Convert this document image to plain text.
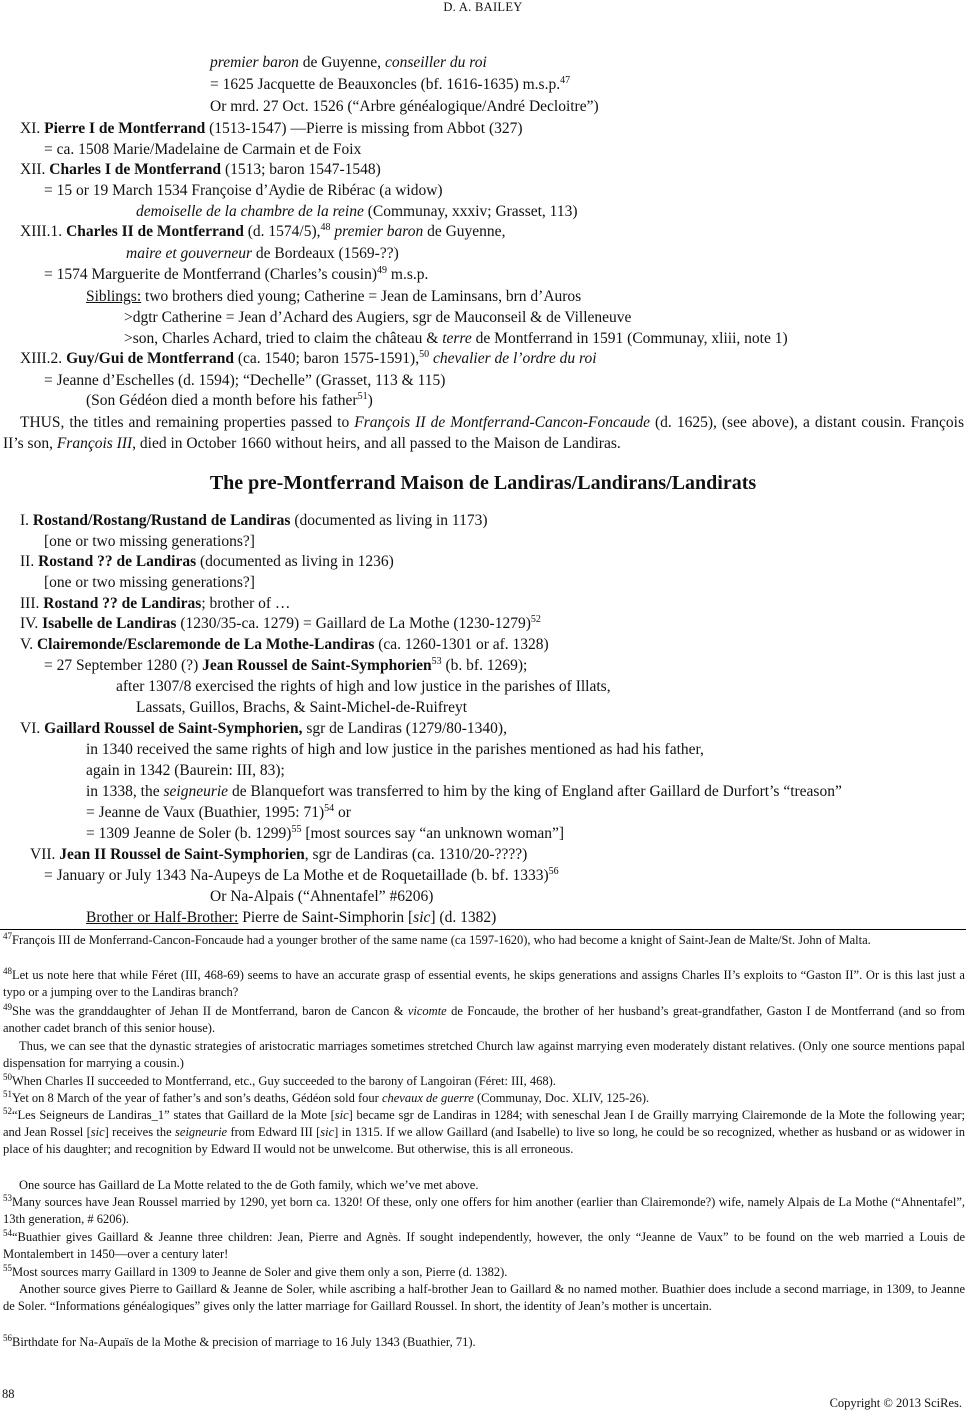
D. A. BAILEY
premier baron de Guyenne, conseiller du roi
= 1625 Jacquette de Beauxoncles (bf. 1616-1635) m.s.p.$^{47}$
Or mrd. 27 Oct. 1526 (“Arbre généalogique/André Decloitre”)
XI. Pierre I de Montferrand (1513-1547) —Pierre is missing from Abbot (327)
= ca. 1508 Marie/Madelaine de Carmain et de Foix
XII. Charles I de Montferrand (1513; baron 1547-1548)
= 15 or 19 March 1534 Françoise d’Aydie de Ribérac (a widow)
demoiselle de la chambre de la reine (Communay, xxxiv; Grasset, 113)
XIII.1. Charles II de Montferrand (d. 1574/5),$^{48}$ premier baron de Guyenne,
maire et gouverneur de Bordeaux (1569-??)
= 1574 Marguerite de Montferrand (Charles’s cousin)$^{49}$ m.s.p.
Siblings: two brothers died young; Catherine = Jean de Laminsans, brn d’Auros
>dgtr Catherine = Jean d’Achard des Augiers, sgr de Mauconseil & de Villeneuve
>son, Charles Achard, tried to claim the château & terre de Montferrand in 1591 (Communay, xliii, note 1)
XIII.2. Guy/Gui de Montferrand (ca. 1540; baron 1575-1591),$^{50}$ chevalier de l’ordre du roi
= Jeanne d’Eschelles (d. 1594); “Dechelle” (Grasset, 113 & 115)
(Son Gédéon died a month before his father$^{51}$)
THUS, the titles and remaining properties passed to François II de Montferrand-Cancon-Foncaude (d. 1625), (see above), a distant cousin. François II’s son, François III, died in October 1660 without heirs, and all passed to the Maison de Landiras.
The pre-Montferrand Maison de Landiras/Landirans/Landirats
I. Rostand/Rostang/Rustand de Landiras (documented as living in 1173)
[one or two missing generations?]
II. Rostand ?? de Landiras (documented as living in 1236)
[one or two missing generations?]
III. Rostand ?? de Landiras; brother of …
IV. Isabelle de Landiras (1230/35-ca. 1279) = Gaillard de La Mothe (1230-1279)$^{52}$
V. Clairemonde/Esclaremonde de La Mothe-Landiras (ca. 1260-1301 or af. 1328)
= 27 September 1280 (?) Jean Roussel de Saint-Symphorien$^{53}$ (b. bf. 1269);
after 1307/8 exercised the rights of high and low justice in the parishes of Illats,
Lassats, Guillos, Brachs, & Saint-Michel-de-Ruifreyt
VI. Gaillard Roussel de Saint-Symphorien, sgr de Landiras (1279/80-1340),
in 1340 received the same rights of high and low justice in the parishes mentioned as had his father,
again in 1342 (Baurein: III, 83);
in 1338, the seigneurie de Blanquefort was transferred to him by the king of England after Gaillard de Durfort’s “treason”
= Jeanne de Vaux (Buathier, 1995: 71)$^{54}$ or
= 1309 Jeanne de Soler (b. 1299)$^{55}$ [most sources say “an unknown woman”]
VII. Jean II Roussel de Saint-Symphorien, sgr de Landiras (ca. 1310/20-????)
= January or July 1343 Na-Aupeys de La Mothe et de Roquetaillade (b. bf. 1333)$^{56}$
Or Na-Alpais (“Ahnentafel” #6206)
Brother or Half-Brother: Pierre de Saint-Simphorin [sic] (d. 1382)
$^{47}$François III de Monferrand-Cancon-Foncaude had a younger brother of the same name (ca 1597-1620), who had become a knight of Saint-Jean de Malte/St. John of Malta.
$^{48}$Let us note here that while Féret (III, 468-69) seems to have an accurate grasp of essential events, he skips generations and assigns Charles II’s exploits to “Gaston II”. Or is this last just a typo or a jumping over to the Landiras branch?
$^{49}$She was the granddaughter of Jehan II de Montferrand, baron de Cancon & vicomte de Foncaude, the brother of her husband’s great-grandfather, Gaston I de Montferrand (and so from another cadet branch of this senior house).
Thus, we can see that the dynastic strategies of aristocratic marriages sometimes stretched Church law against marrying even moderately distant relatives. (Only one source mentions papal dispensation for marrying a cousin.)
$^{50}$When Charles II succeeded to Montferrand, etc., Guy succeeded to the barony of Langoiran (Féret: III, 468).
$^{51}$Yet on 8 March of the year of father’s and son’s deaths, Gédéon sold four chevaux de guerre (Communay, Doc. XLIV, 125-26).
$^{52}$“Les Seigneurs de Landiras_1” states that Gaillard de la Mote [sic] became sgr de Landiras in 1284; with seneschal Jean I de Grailly marrying Clairemonde de la Mote the following year; and Jean Rossel [sic] receives the seigneurie from Edward III [sic] in 1315. If we allow Gaillard (and Isabelle) to live so long, he could be so recognized, whether as husband or as widower in place of his daughter; and recognition by Edward II would not be unwelcome. But otherwise, this is all erroneous.
One source has Gaillard de La Motte related to the de Goth family, which we’ve met above.
$^{53}$Many sources have Jean Roussel married by 1290, yet born ca. 1320! Of these, only one offers for him another (earlier than Clairemonde?) wife, namely Alpais de La Mothe (“Ahnentafel”, 13th generation, # 6206).
$^{54}$“Buathier gives Gaillard & Jeanne three children: Jean, Pierre and Agnès. If sought independently, however, the only “Jeanne de Vaux” to be found on the web married a Louis de Montalembert in 1450—over a century later!
$^{55}$Most sources marry Gaillard in 1309 to Jeanne de Soler and give them only a son, Pierre (d. 1382).
Another source gives Pierre to Gaillard & Jeanne de Soler, while ascribing a half-brother Jean to Gaillard & no named mother. Buathier does include a second marriage, in 1309, to Jeanne de Soler. “Informations généalogiques” gives only the latter marriage for Gaillard Roussel. In short, the identity of Jean’s mother is uncertain.
$^{56}$Birthdate for Na-Aupaïs de la Mothe & precision of marriage to 16 July 1343 (Buathier, 71).
88
Copyright © 2013 SciRes.
